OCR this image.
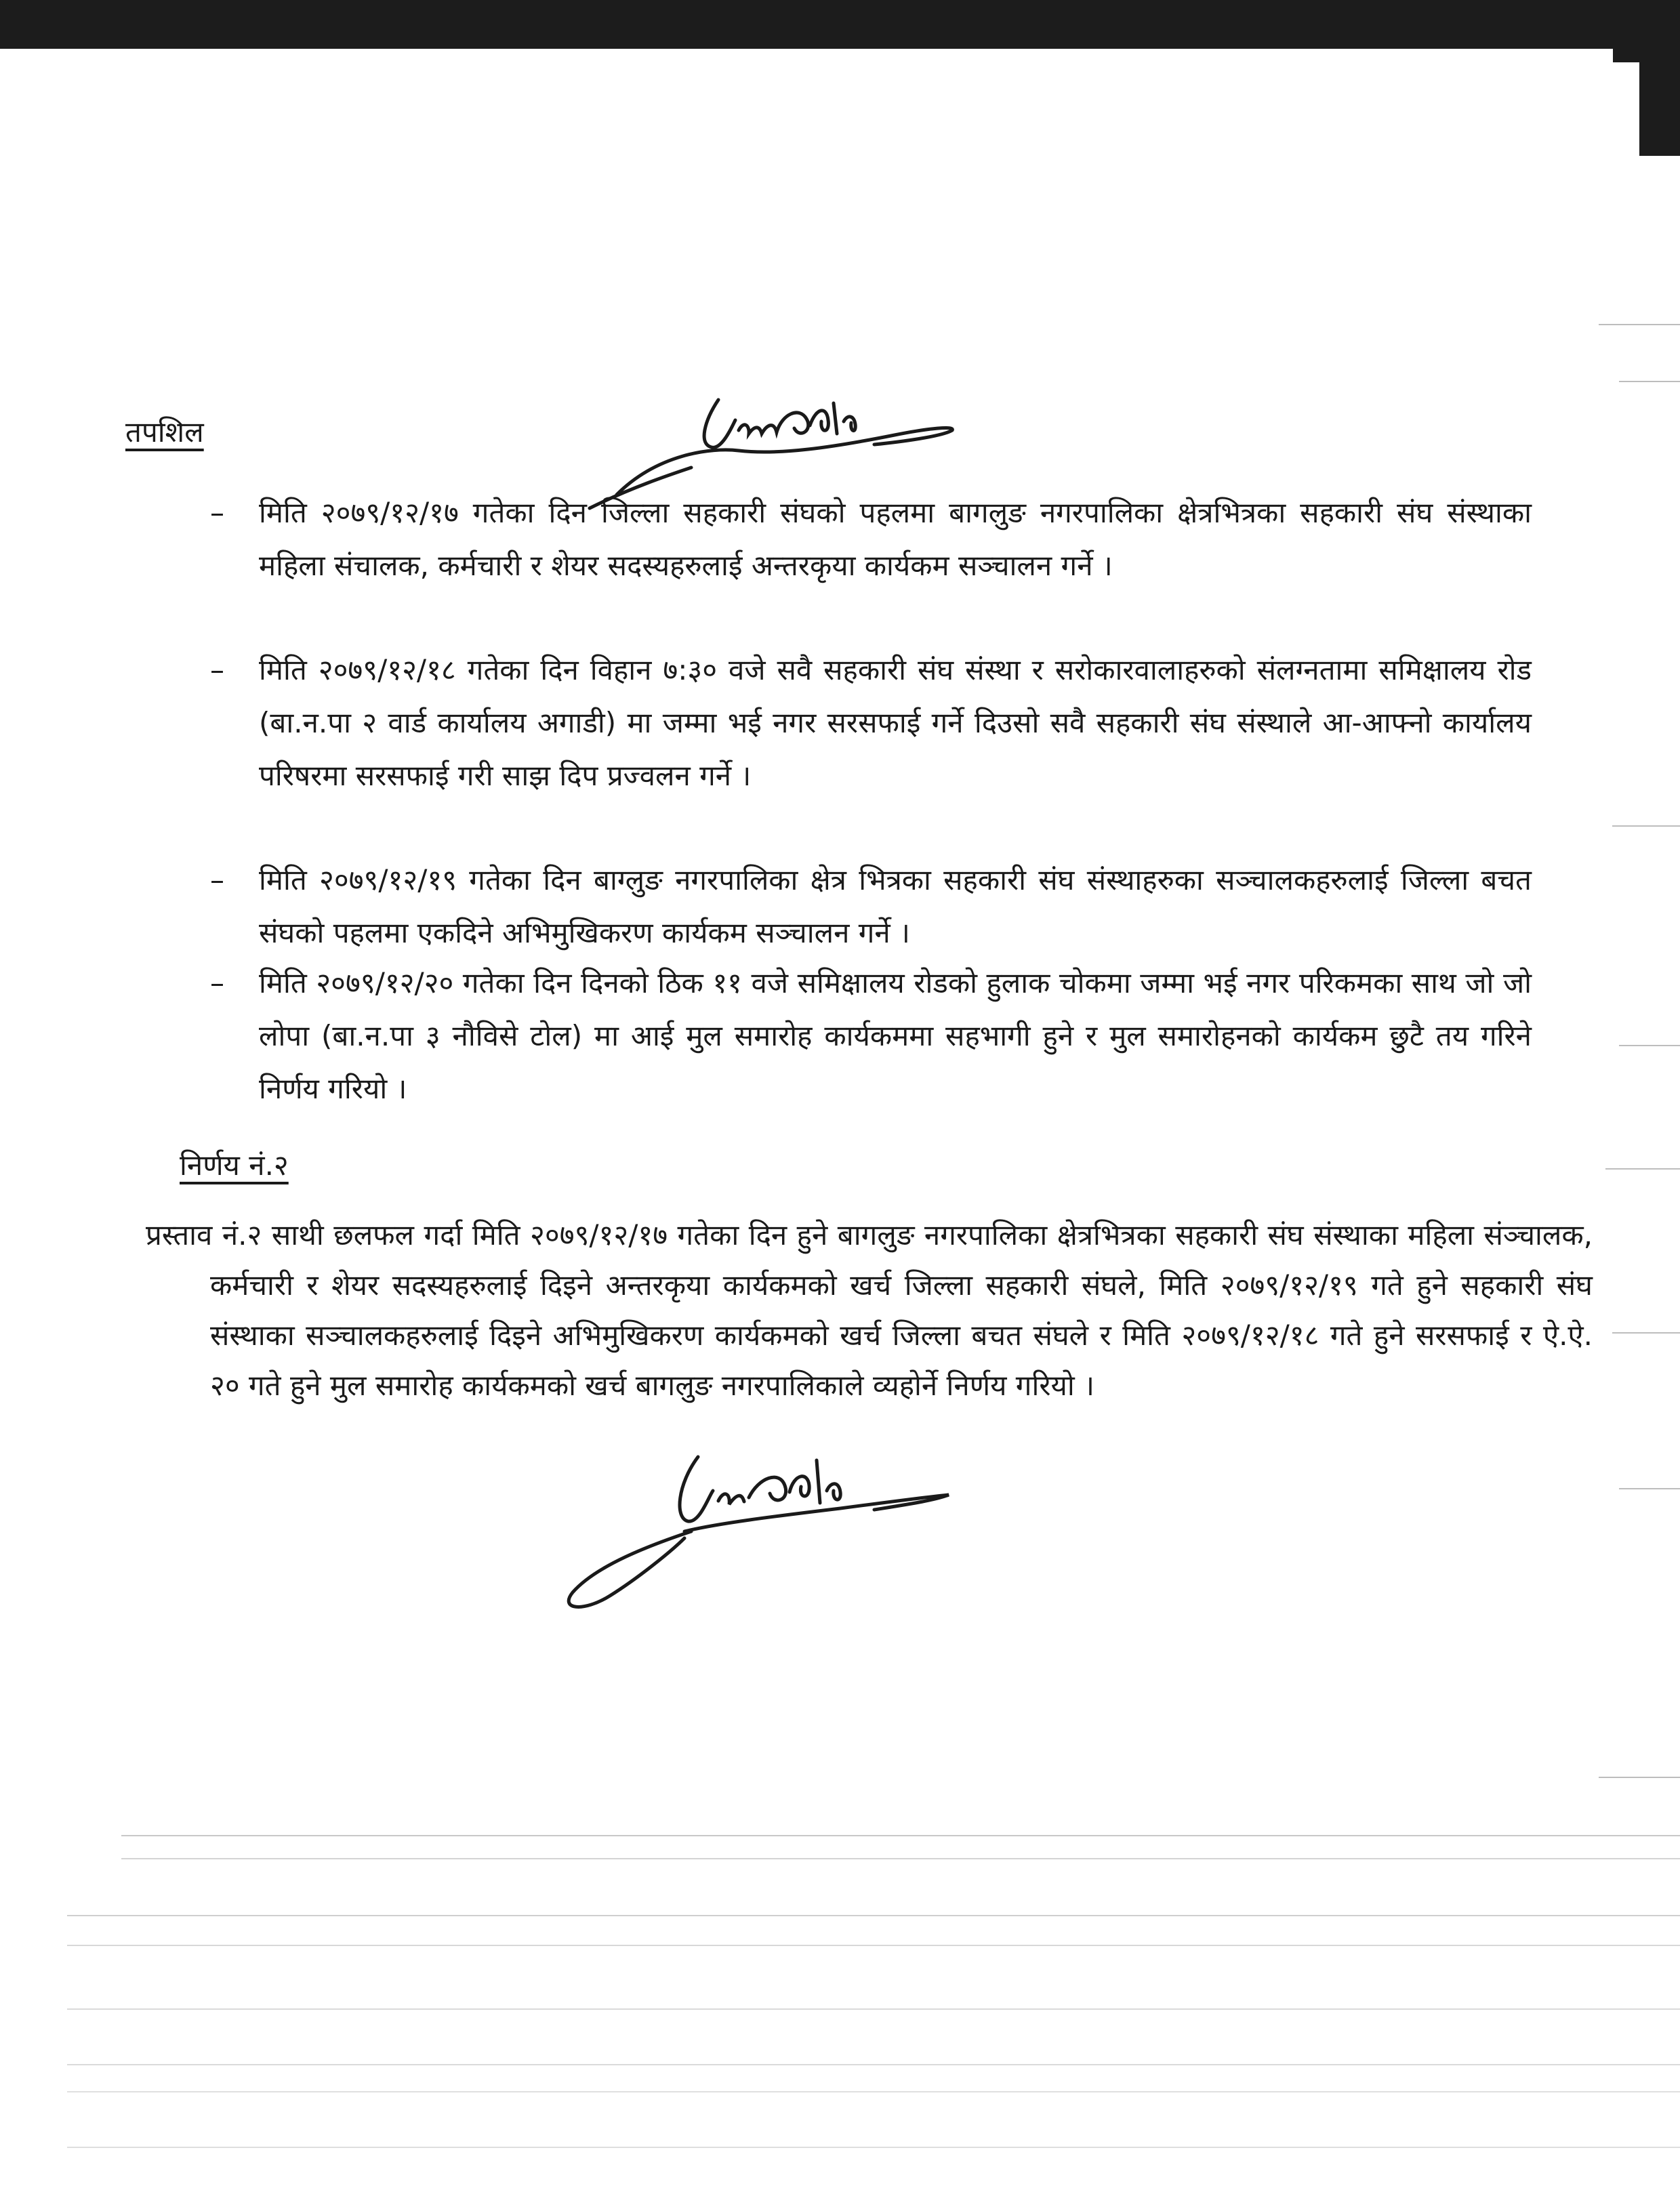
तपशिल
– मिति २०७९/१२/१७ गतेका दिन जिल्ला सहकारी संघको पहलमा बागलुङ नगरपालिका क्षेत्रभित्रका सहकारी संघ संस्थाका महिला संचालक, कर्मचारी र शेयर सदस्यहरुलाई अन्तरकृया कार्यकम सञ्चालन गर्ने ।
– मिति २०७९/१२/१८ गतेका दिन विहान ७:३० वजे सवै सहकारी संघ संस्था र सरोकारवालाहरुको संलग्नतामा समिक्षालय रोड (बा.न.पा २ वार्ड कार्यालय अगाडी) मा जम्मा भई नगर सरसफाई गर्ने दिउसो सवै सहकारी संघ संस्थाले आ-आफ्नो कार्यालय परिषरमा सरसफाई गरी साझ दिप प्रज्वलन गर्ने ।
– मिति २०७९/१२/१९ गतेका दिन बाग्लुङ नगरपालिका क्षेत्र भित्रका सहकारी संघ संस्थाहरुका सञ्चालकहरुलाई जिल्ला बचत संघको पहलमा एकदिने अभिमुखिकरण कार्यकम सञ्चालन गर्ने ।
– मिति २०७९/१२/२० गतेका दिन दिनको ठिक ११ वजे समिक्षालय रोडको हुलाक चोकमा जम्मा भई नगर परिकमका साथ जो जो लोपा (बा.न.पा ३ नौविसे टोल) मा आई मुल समारोह कार्यकममा सहभागी हुने र मुल समारोहनको कार्यकम छुटै तय गरिने निर्णय गरियो ।
निर्णय नं.२
प्रस्ताव नं.२ साथी छलफल गर्दा मिति २०७९/१२/१७ गतेका दिन हुने बागलुङ नगरपालिका क्षेत्रभित्रका सहकारी संघ संस्थाका महिला संञ्चालक, कर्मचारी र शेयर सदस्यहरुलाई दिइने अन्तरकृया कार्यकमको खर्च जिल्ला सहकारी संघले, मिति २०७९/१२/१९ गते हुने सहकारी संघ संस्थाका सञ्चालकहरुलाई दिइने अभिमुखिकरण कार्यकमको खर्च जिल्ला बचत संघले र मिति २०७९/१२/१८ गते हुने सरसफाई र ऐ.ऐ. २० गते हुने मुल समारोह कार्यकमको खर्च बागलुङ नगरपालिकाले व्यहोर्ने निर्णय गरियो ।
